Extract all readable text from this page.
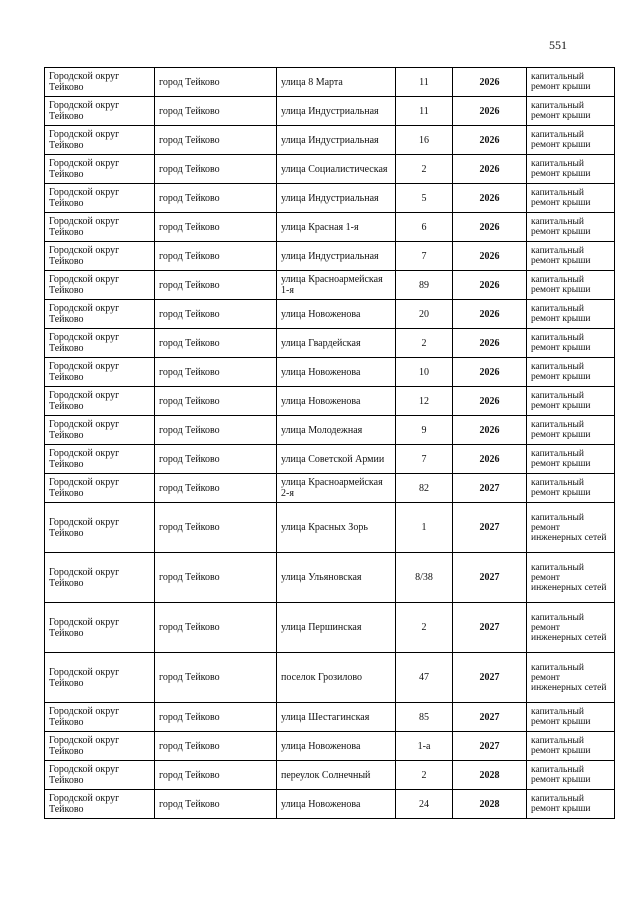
551
Городской округ Тейково	город Тейково	улица 8 Марта	11	2026	капитальный ремонт крыши
Городской округ Тейково	город Тейково	улица Индустриальная	11	2026	капитальный ремонт крыши
Городской округ Тейково	город Тейково	улица Индустриальная	16	2026	капитальный ремонт крыши
Городской округ Тейково	город Тейково	улица Социалистическая	2	2026	капитальный ремонт крыши
Городской округ Тейково	город Тейково	улица Индустриальная	5	2026	капитальный ремонт крыши
Городской округ Тейково	город Тейково	улица Красная 1-я	6	2026	капитальный ремонт крыши
Городской округ Тейково	город Тейково	улица Индустриальная	7	2026	капитальный ремонт крыши
Городской округ Тейково	город Тейково	улица Красноармейская 1-я	89	2026	капитальный ремонт крыши
Городской округ Тейково	город Тейково	улица Новоженова	20	2026	капитальный ремонт крыши
Городской округ Тейково	город Тейково	улица Гвардейская	2	2026	капитальный ремонт крыши
Городской округ Тейково	город Тейково	улица Новоженова	10	2026	капитальный ремонт крыши
Городской округ Тейково	город Тейково	улица Новоженова	12	2026	капитальный ремонт крыши
Городской округ Тейково	город Тейково	улица Молодежная	9	2026	капитальный ремонт крыши
Городской округ Тейково	город Тейково	улица Советской Армии	7	2026	капитальный ремонт крыши
Городской округ Тейково	город Тейково	улица Красноармейская 2-я	82	2027	капитальный ремонт крыши
Городской округ Тейково	город Тейково	улица Красных Зорь	1	2027	капитальный ремонт инженерных сетей
Городской округ Тейково	город Тейково	улица Ульяновская	8/38	2027	капитальный ремонт инженерных сетей
Городской округ Тейково	город Тейково	улица Першинская	2	2027	капитальный ремонт инженерных сетей
Городской округ Тейково	город Тейково	поселок Грозилово	47	2027	капитальный ремонт инженерных сетей
Городской округ Тейково	город Тейково	улица Шестагинская	85	2027	капитальный ремонт крыши
Городской округ Тейково	город Тейково	улица Новоженова	1-а	2027	капитальный ремонт крыши
Городской округ Тейково	город Тейково	переулок Солнечный	2	2028	капитальный ремонт крыши
Городской округ Тейково	город Тейково	улица Новоженова	24	2028	капитальный ремонт крыши
